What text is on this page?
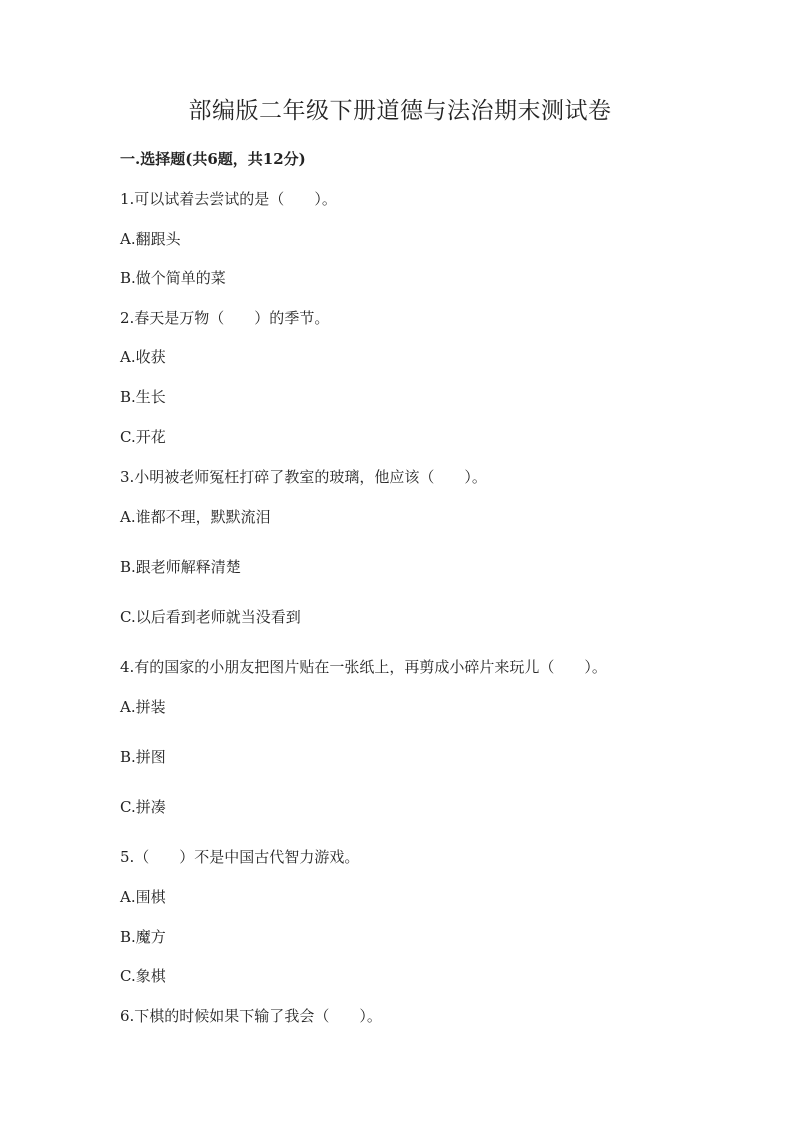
部编版二年级下册道德与法治期末测试卷

一.选择题(共6题，共12分)

1.可以试着去尝试的是（　　）。

A.翻跟头

B.做个简单的菜

2.春天是万物（　　）的季节。

A.收获

B.生长

C.开花

3.小明被老师冤枉打碎了教室的玻璃，他应该（　　）。

A.谁都不理，默默流泪

B.跟老师解释清楚

C.以后看到老师就当没看到

4.有的国家的小朋友把图片贴在一张纸上，再剪成小碎片来玩儿（　　）。

A.拼装

B.拼图

C.拼凑

5.（　　）不是中国古代智力游戏。

A.围棋

B.魔方

C.象棋

6.下棋的时候如果下输了我会（　　）。
